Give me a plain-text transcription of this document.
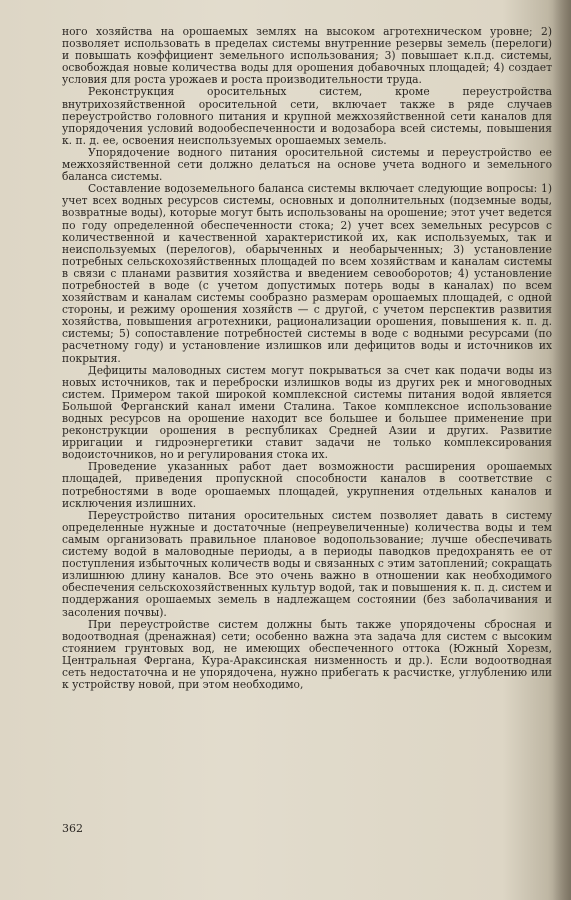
ного хозяйства на орошаемых землях на высоком агротехническом уровне; 2) позволяет использовать в пределах системы внутренние резервы земель (перелоги) и повышать коэффициент земельного использования; 3) повышает к.п.д. системы, освобождая новые количества воды для орошения добавочных площадей; 4) создает условия для роста урожаев и роста производительности труда.

Реконструкция оросительных систем, кроме переустройства внутрихозяйственной оросительной сети, включает также в ряде случаев переустройство головного питания и крупной межхозяйственной сети каналов для упорядочения условий водообеспеченности и водозабора всей системы, повышения к. п. д. ее, освоения неиспользуемых орошаемых земель.

Упорядочение водного питания оросительной системы и переустройство ее межхозяйственной сети должно делаться на основе учета водного и земельного баланса системы.

Составление водоземельного баланса системы включает следующие вопросы: 1) учет всех водных ресурсов системы, основных и дополнительных (подземные воды, возвратные воды), которые могут быть использованы на орошение; этот учет ведется по году определенной обеспеченности стока; 2) учет всех земельных ресурсов с количественной и качественной характеристикой их, как используемых, так и неиспользуемых (перелогов), обарыченных и необарыченных; 3) установление потребных сельскохозяйственных площадей по всем хозяйствам и каналам системы в связи с планами развития хозяйства и введением севооборотов; 4) установление потребностей в воде (с учетом допустимых потерь воды в каналах) по всем хозяйствам и каналам системы сообразно размерам орошаемых площадей, с одной стороны, и режиму орошения хозяйств — с другой, с учетом перспектив развития хозяйства, повышения агротехники, рационализации орошения, повышения к. п. д. системы; 5) сопоставление потребностей системы в воде с водными ресурсами (по расчетному году) и установление излишков или дефицитов воды и источников их покрытия.

Дефициты маловодных систем могут покрываться за счет как подачи воды из новых источников, так и переброски излишков воды из других рек и многоводных систем. Примером такой широкой комплексной системы питания водой является Большой Ферганский канал имени Сталина. Такое комплексное использование водных ресурсов на орошение находит все большее и большее применение при реконструкции орошения в республиках Средней Азии и других. Развитие ирригации и гидроэнергетики ставит задачи не только комплексирования водоисточников, но и регулирования стока их.

Проведение указанных работ дает возможности расширения орошаемых площадей, приведения пропускной способности каналов в соответствие с потребностями в воде орошаемых площадей, укрупнения отдельных каналов и исключения излишних.

Переустройство питания оросительных систем позволяет давать в систему определенные нужные и достаточные (непреувеличенные) количества воды и тем самым организовать правильное плановое водопользование; лучше обеспечивать систему водой в маловодные периоды, а в периоды паводков предохранять ее от поступления избыточных количеств воды и связанных с этим затоплений; сокращать излишнюю длину каналов. Все это очень важно в отношении как необходимого обеспечения сельскохозяйственных культур водой, так и повышения к. п. д. систем и поддержания орошаемых земель в надлежащем состоянии (без заболачивания и засоления почвы).

При переустройстве систем должны быть также упорядочены сбросная и водоотводная (дренажная) сети; особенно важна эта задача для систем с высоким стоянием грунтовых вод, не имеющих обеспеченного оттока (Южный Хорезм, Центральная Фергана, Кура-Араксинская низменность и др.). Если водоотводная сеть недостаточна и не упорядочена, нужно прибегать к расчистке, углублению или к устройству новой, при этом необходимо,

362
